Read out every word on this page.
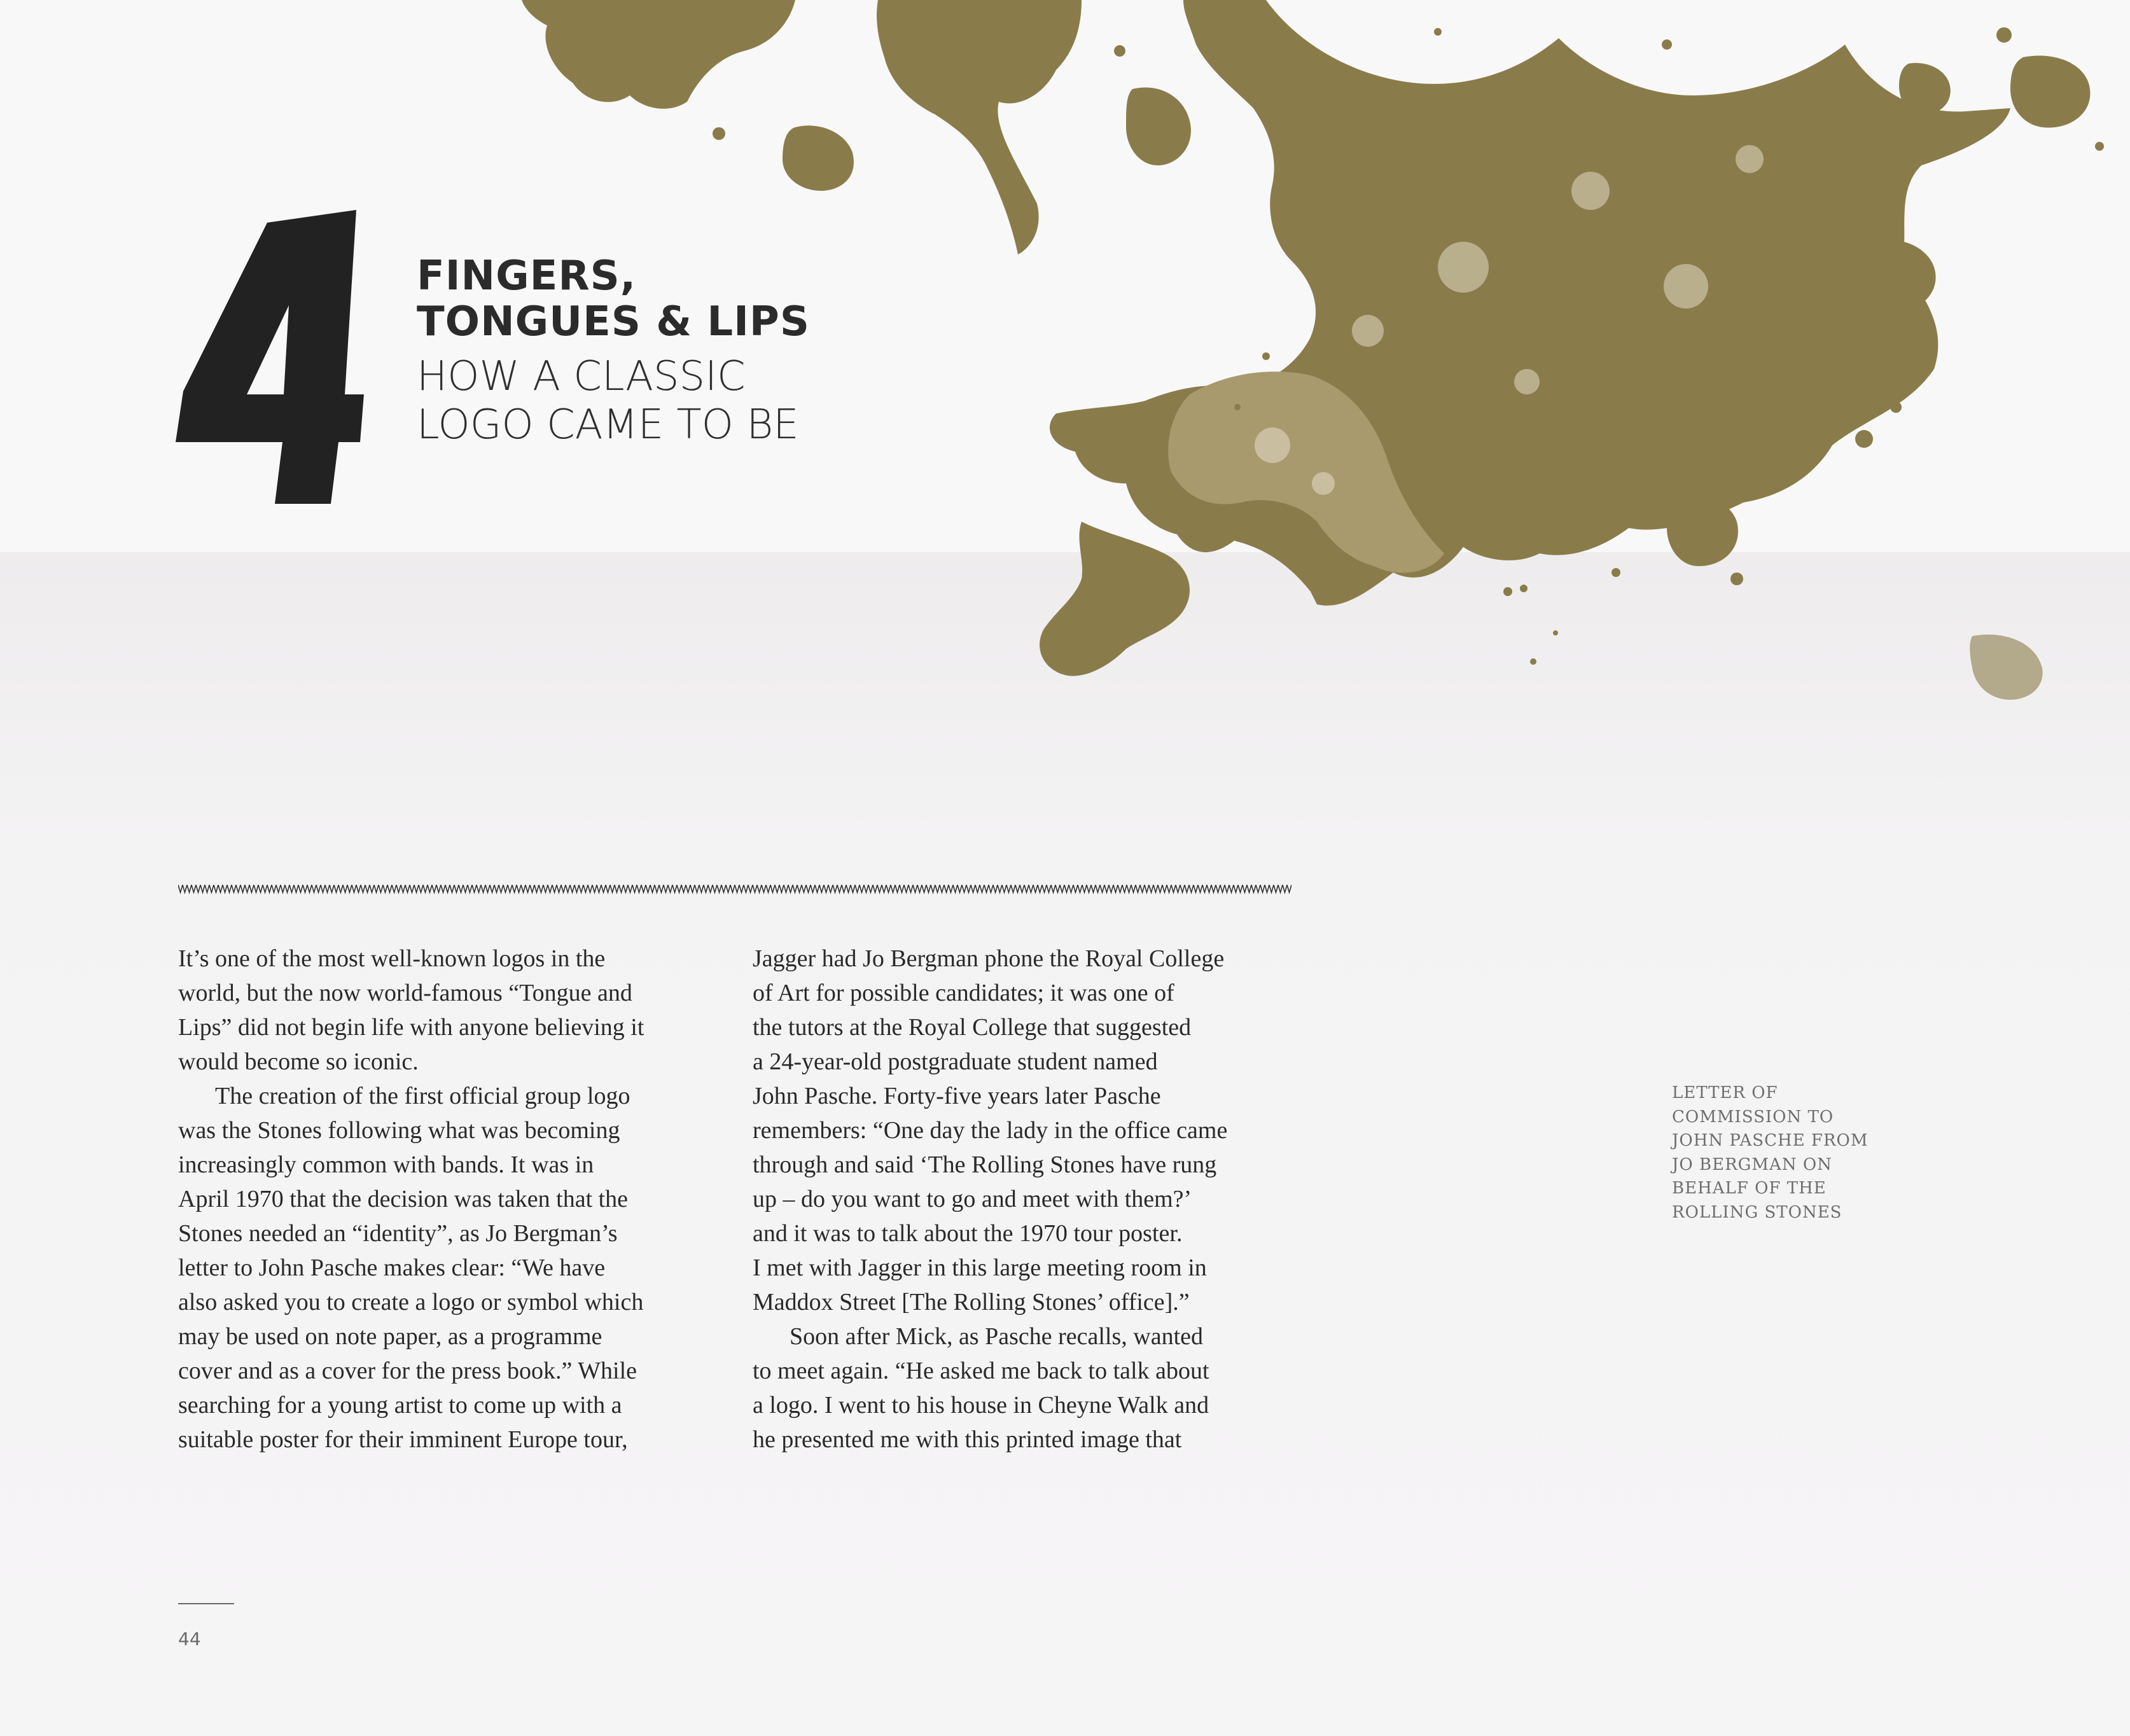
FINGERS,
TONGUES & LIPS
HOW A CLASSIC
LOGO CAME TO BE
It’s one of the most well-known logos in the
world, but the now world-famous “Tongue and
Lips” did not begin life with anyone believing it
would become so iconic.
The creation of the first official group logo
was the Stones following what was becoming
increasingly common with bands. It was in
April 1970 that the decision was taken that the
Stones needed an “identity”, as Jo Bergman’s
letter to John Pasche makes clear: “We have
also asked you to create a logo or symbol which
may be used on note paper, as a programme
cover and as a cover for the press book.” While
searching for a young artist to come up with a
suitable poster for their imminent Europe tour,
Jagger had Jo Bergman phone the Royal College
of Art for possible candidates; it was one of
the tutors at the Royal College that suggested
a 24-year-old postgraduate student named
John Pasche. Forty-five years later Pasche
remembers: “One day the lady in the office came
through and said ‘The Rolling Stones have rung
up – do you want to go and meet with them?’
and it was to talk about the 1970 tour poster.
I met with Jagger in this large meeting room in
Maddox Street [The Rolling Stones’ office].”
Soon after Mick, as Pasche recalls, wanted
to meet again. “He asked me back to talk about
a logo. I went to his house in Cheyne Walk and
he presented me with this printed image that
LETTER OF
COMMISSION TO
JOHN PASCHE FROM
JO BERGMAN ON
BEHALF OF THE
ROLLING STONES
44
